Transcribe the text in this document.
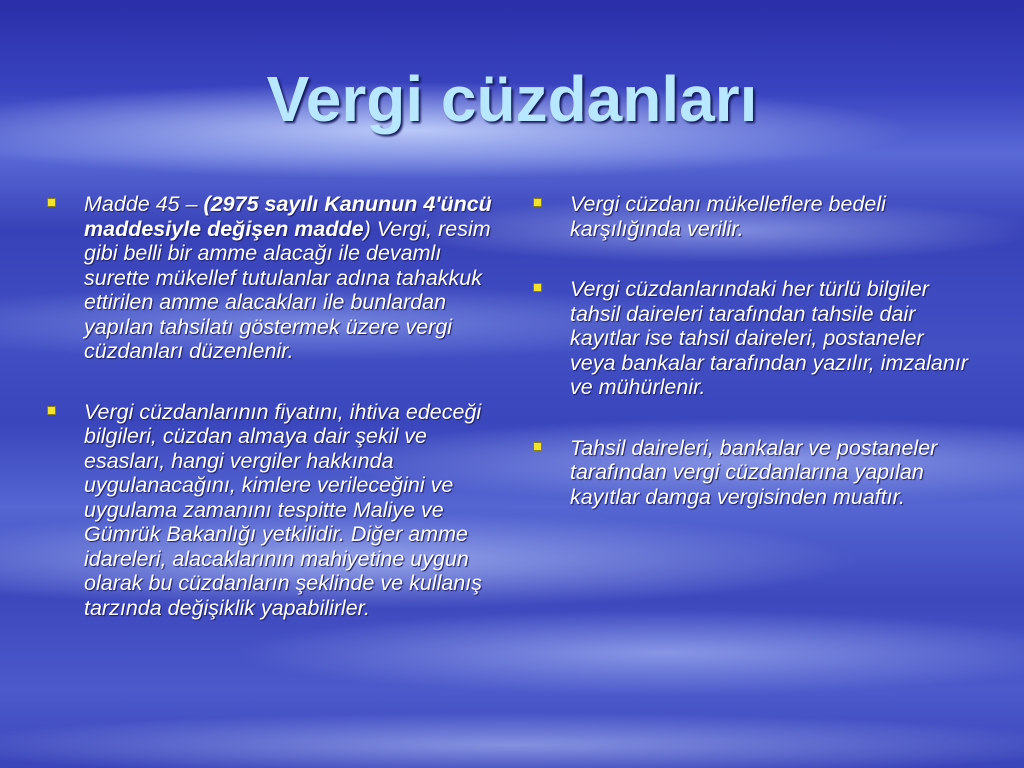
Vergi cüzdanları
Madde 45 – (2975 sayılı Kanunun 4'üncü maddesiyle değişen madde) Vergi, resim gibi belli bir amme alacağı ile devamlı surette mükellef tutulanlar adına tahakkuk ettirilen amme alacakları ile bunlardan yapılan tahsilatı göstermek üzere vergi cüzdanları düzenlenir.
Vergi cüzdanlarının fiyatını, ihtiva edeceği bilgileri, cüzdan almaya dair şekil ve esasları, hangi vergiler hakkında uygulanacağını, kimlere verileceğini ve uygulama zamanını tespitte Maliye ve Gümrük Bakanlığı yetkilidir. Diğer amme idareleri, alacaklarının mahiyetine uygun olarak bu cüzdanların şeklinde ve kullanış tarzında değişiklik yapabilirler.
Vergi cüzdanı mükelleflere bedeli karşılığında verilir.
Vergi cüzdanlarındaki her türlü bilgiler tahsil daireleri tarafından tahsile dair kayıtlar ise tahsil daireleri, postaneler veya bankalar tarafından yazılır, imzalanır ve mühürlenir.
Tahsil daireleri, bankalar ve postaneler tarafından vergi cüzdanlarına yapılan kayıtlar damga vergisinden muaftır.
